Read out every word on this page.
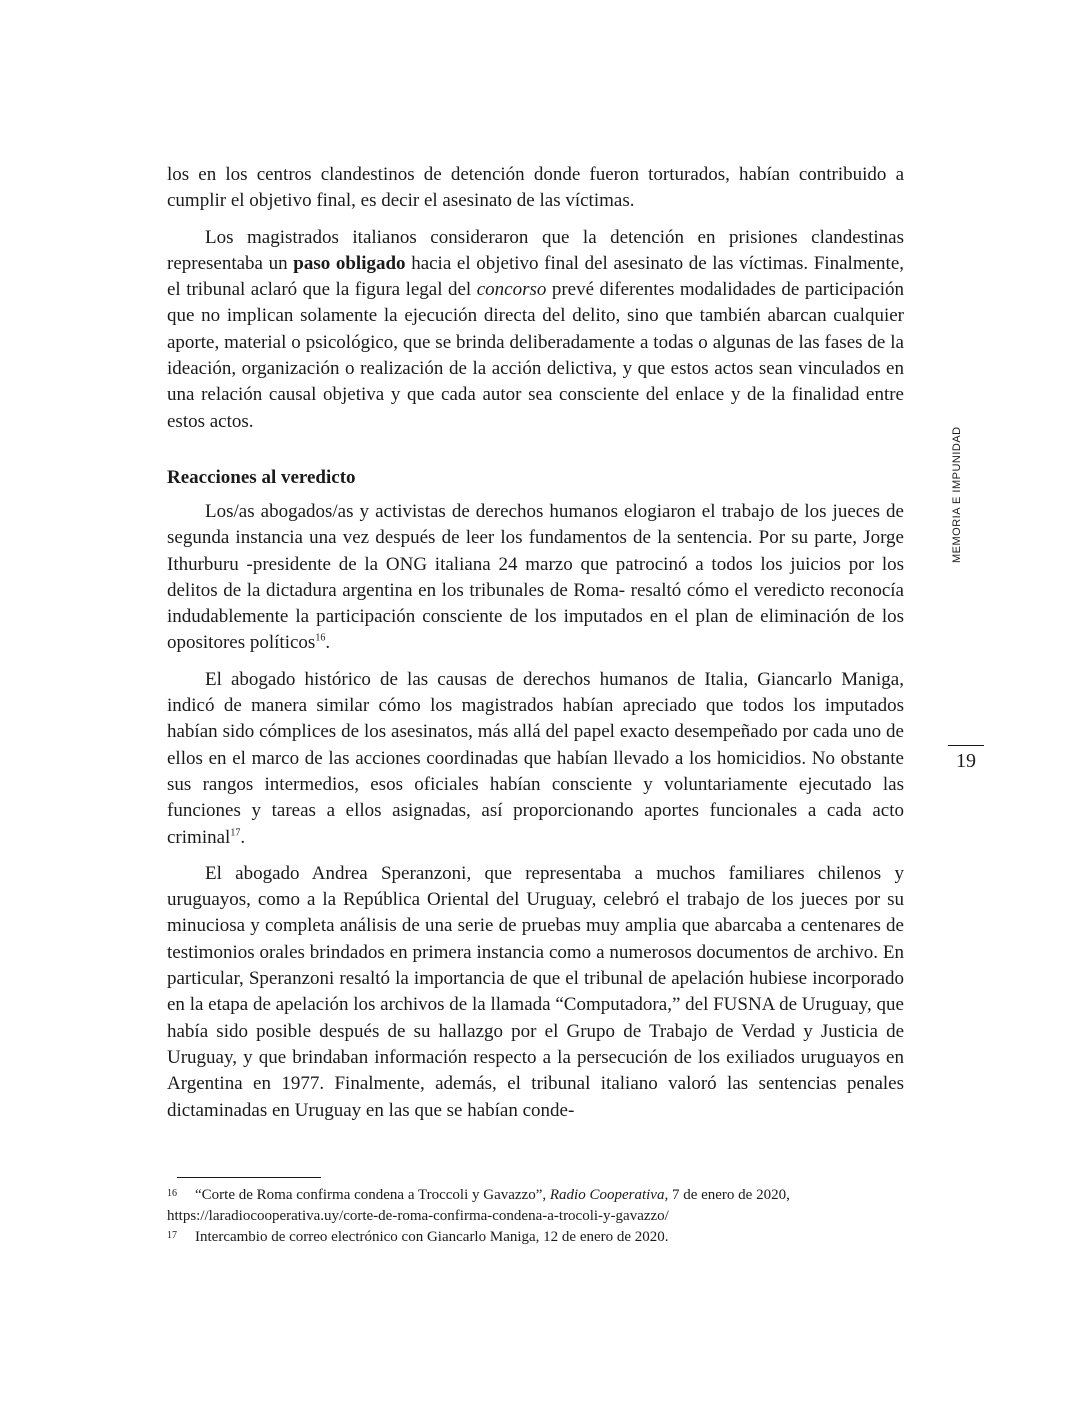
los en los centros clandestinos de detención donde fueron torturados, habían contribuido a cumplir el objetivo final, es decir el asesinato de las víctimas.

Los magistrados italianos consideraron que la detención en prisiones clandestinas representaba un paso obligado hacia el objetivo final del asesinato de las víctimas. Finalmente, el tribunal aclaró que la figura legal del concorso prevé diferentes modalidades de participación que no implican solamente la ejecución directa del delito, sino que también abarcan cualquier aporte, material o psicológico, que se brinda deliberadamente a todas o algunas de las fases de la ideación, organización o realización de la acción delictiva, y que estos actos sean vinculados en una relación causal objetiva y que cada autor sea consciente del enlace y de la finalidad entre estos actos.

Reacciones al veredicto

Los/as abogados/as y activistas de derechos humanos elogiaron el trabajo de los jueces de segunda instancia una vez después de leer los fundamentos de la sentencia. Por su parte, Jorge Ithurburu -presidente de la ONG italiana 24 marzo que patrocinó a todos los juicios por los delitos de la dictadura argentina en los tribunales de Roma- resaltó cómo el veredicto reconocía indudablemente la participación consciente de los imputados en el plan de eliminación de los opositores políticos$^{16}$.

El abogado histórico de las causas de derechos humanos de Italia, Giancarlo Maniga, indicó de manera similar cómo los magistrados habían apreciado que todos los imputados habían sido cómplices de los asesinatos, más allá del papel exacto desempeñado por cada uno de ellos en el marco de las acciones coordinadas que habían llevado a los homicidios. No obstante sus rangos intermedios, esos oficiales habían consciente y voluntariamente ejecutado las funciones y tareas a ellos asignadas, así proporcionando aportes funcionales a cada acto criminal$^{17}$.

El abogado Andrea Speranzoni, que representaba a muchos familiares chilenos y uruguayos, como a la República Oriental del Uruguay, celebró el trabajo de los jueces por su minuciosa y completa análisis de una serie de pruebas muy amplia que abarcaba a centenares de testimonios orales brindados en primera instancia como a numerosos documentos de archivo. En particular, Speranzoni resaltó la importancia de que el tribunal de apelación hubiese incorporado en la etapa de apelación los archivos de la llamada “Computadora,” del FUSNA de Uruguay, que había sido posible después de su hallazgo por el Grupo de Trabajo de Verdad y Justicia de Uruguay, y que brindaban información respecto a la persecución de los exiliados uruguayos en Argentina en 1977. Finalmente, además, el tribunal italiano valoró las sentencias penales dictaminadas en Uruguay en las que se habían conde-

MEMORIA E IMPUNIDAD
19
16	“Corte de Roma confirma condena a Troccoli y Gavazzo”, Radio Cooperativa, 7 de enero de 2020, https://laradiocooperativa.uy/corte-de-roma-confirma-condena-a-trocoli-y-gavazzo/
17	Intercambio de correo electrónico con Giancarlo Maniga, 12 de enero de 2020.
